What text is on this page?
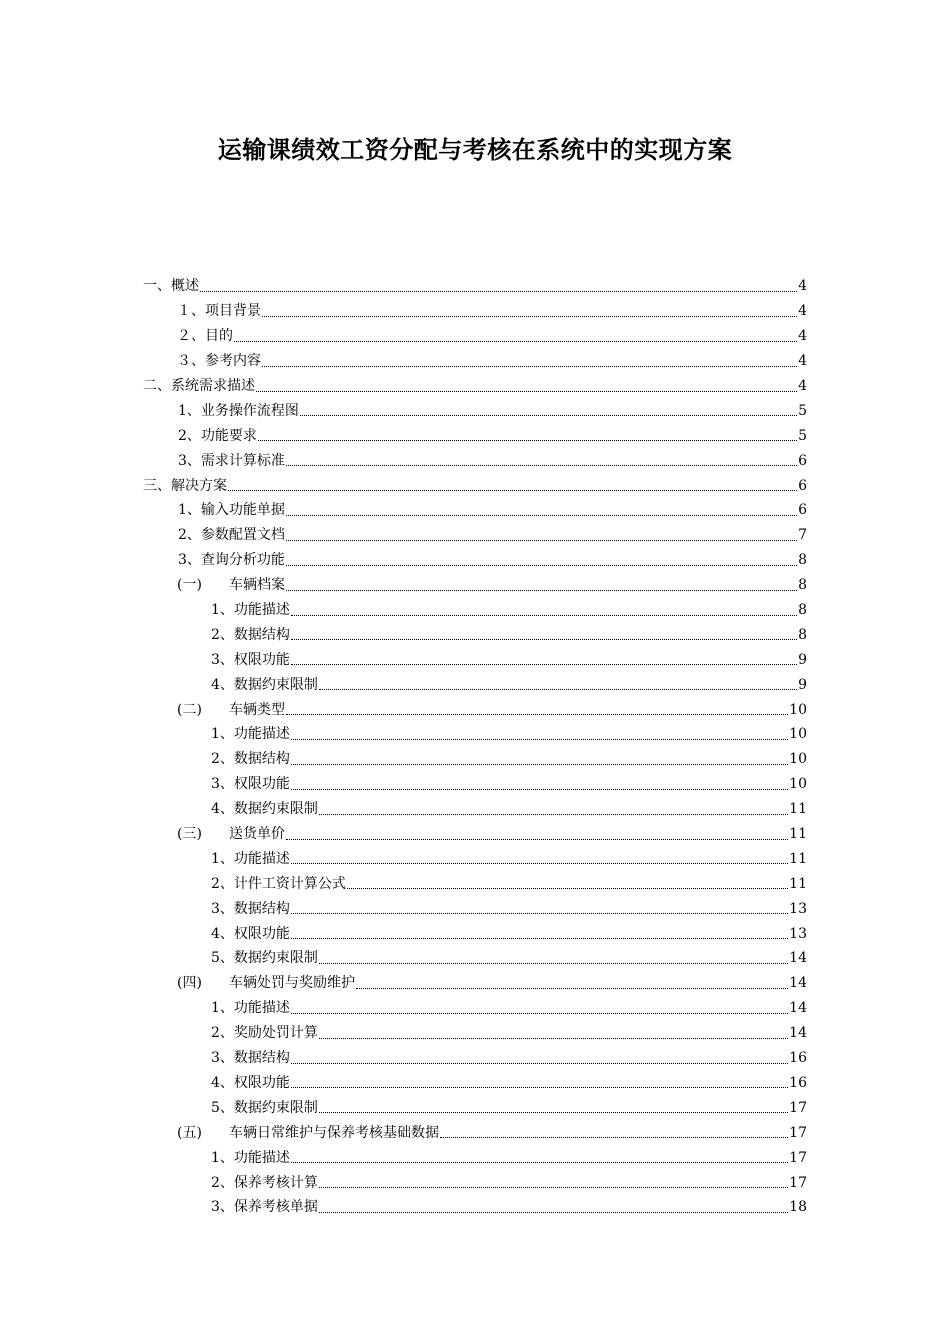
运输课绩效工资分配与考核在系统中的实现方案
一、概述	4
１、项目背景	4
２、目的	4
３、参考内容	4
二、系统需求描述	4
1、业务操作流程图	5
2、功能要求	5
3、需求计算标准	6
三、解决方案	6
1、输入功能单据	6
2、参数配置文档	7
3、查询分析功能	8
(一) 车辆档案	8
1、功能描述	8
2、数据结构	8
3、权限功能	9
4、数据约束限制	9
(二) 车辆类型	10
1、功能描述	10
2、数据结构	10
3、权限功能	10
4、数据约束限制	11
(三) 送货单价	11
1、功能描述	11
2、计件工资计算公式	11
3、数据结构	13
4、权限功能	13
5、数据约束限制	14
(四) 车辆处罚与奖励维护	14
1、功能描述	14
2、奖励处罚计算	14
3、数据结构	16
4、权限功能	16
5、数据约束限制	17
(五) 车辆日常维护与保养考核基础数据	17
1、功能描述	17
2、保养考核计算	17
3、保养考核单据	18
